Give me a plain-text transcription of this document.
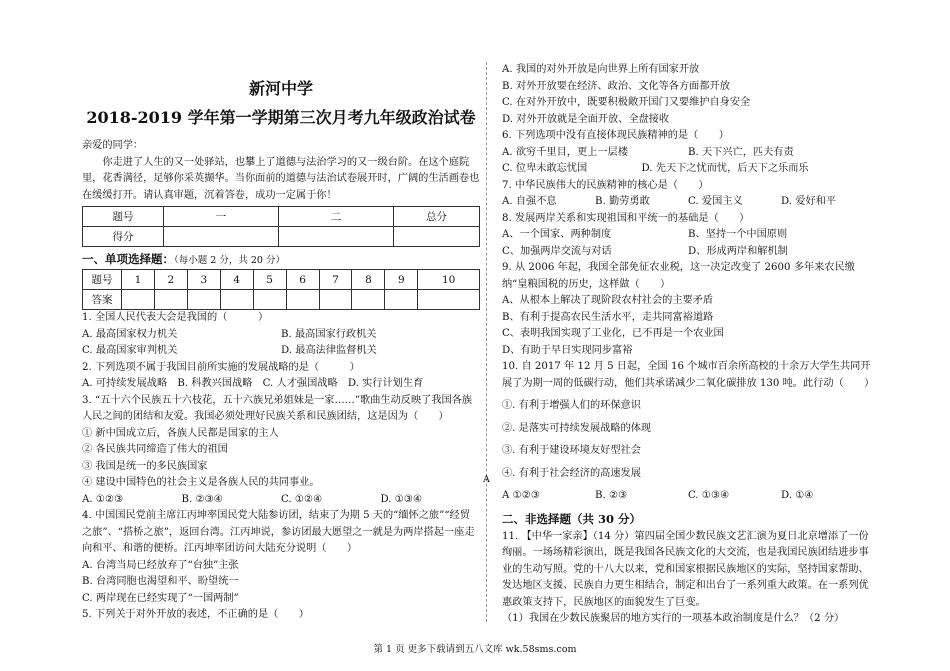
新河中学
2018-2019 学年第一学期第三次月考九年级政治试卷

亲爱的同学：

你走进了人生的又一处驿站，也攀上了道德与法治学习的又一级台阶。在这个庭院里，花香满径，足够你采英撷华。当你面前的道德与法治试卷展开时，广阔的生活画卷也在缓缓打开。请认真审题，沉着答卷，成功一定属于你！

题号	一	二	总分
得分			
一、单项选择题：（每小题 2 分，共 20 分）
题号	1	2	3	4	5	6	7	8	9	10
答案										

1. 全国人民代表大会是我国的（　　　）

A. 最高国家权力机关	B. 最高国家行政机关
C. 最高国家审判机关	D. 最高法律监督机关

2. 下列选项不属于我国目前所实施的发展战略的是（　　　）

A. 可持续发展战略　B. 科教兴国战略　C. 人才强国战略　D. 实行计划生育

3. “五十六个民族五十六枝花，五十六族兄弟姐妹是一家……”歌曲生动反映了我国各族人民之间的团结和友爱。我国必须处理好民族关系和民族团结，这是因为（　　）

① 新中国成立后，各族人民都是国家的主人

② 各民族共同缔造了伟大的祖国

③ 我国是统一的多民族国家

④ 建设中国特色的社会主义是各族人民的共同事业。

A. ①②③	B. ②③④	C. ①②④	D. ①③④

4. 中国国民党前主席江丙坤率国民党大陆参访团，结束了为期 5 天的“缅怀之旅”“经贸之旅”、“搭桥之旅”，返回台湾。江丙坤说，参访团最大愿望之一就是为两岸搭起一座走向和平、和谐的便桥。江丙坤率团访问大陆充分说明（　　）

A. 台湾当局已经放弃了“台独”主张

B. 台湾同胞也渴望和平、盼望统一

C. 两岸现在已经实现了“一国两制”

5. 下列关于对外开放的表述，不正确的是（　　）

A

A. 我国的对外开放是向世界上所有国家开放

B. 对外开放要在经济、政治、文化等各方面都开放

C. 在对外开放中，既要积极敞开国门又要维护自身安全

D. 对外开放就是全面开放、全盘接收

6. 下列选项中没有直接体现民族精神的是（　　）

A. 欲穷千里目，更上一层楼	B. 天下兴亡，匹夫有责
C. 位卑未敢忘忧国	D. 先天下之忧而忧，后天下之乐而乐

7. 中华民族伟大的民族精神的核心是（　　）

A. 自强不息	B. 勤劳勇敢	C. 爱国主义	D. 爱好和平

8. 发展两岸关系和实现祖国和平统一的基础是（　　）

A、一个国家、两种制度	B、坚持一个中国原则
C、加强两岸交流与对话	D、形成两岸和解机制

9. 从 2006 年起，我国全部免征农业税，这一决定改变了 2600 多年来农民缴纳“皇粮国税的历史，这样做（　　）

A、从根本上解决了现阶段农村社会的主要矛盾

B、有利于提高农民生活水平，走共同富裕道路

C、表明我国实现了工业化，已不再是一个农业国

D、有助于早日实现同步富裕

10. 自 2017 年 12 月 5 日起，全国 16 个城市百余所高校的十余万大学生共同开展了为期一周的低碳行动，他们共承诺减少二氧化碳排放 130 吨。此行动（　　）

①. 有利于增强人们的环保意识

②. 是落实可持续发展战略的体现

③. 有利于建设环境友好型社会

④. 有利于社会经济的高速发展

A ①②③	B. ②③	C. ①③④	D. ①④
二、非选择题（共 30 分）

11. 【中华一家亲】（14 分）第四届全国少数民族文艺汇演为夏日北京增添了一份绚丽。一场场精彩演出，既是我国各民族文化的大交流，也是我国民族团结进步事业的生动写照。党的十八大以来，党和国家根据民族地区的实际，坚持国家帮助、发达地区支援、民族自力更生相结合，制定和出台了一系列重大政策。在一系列优惠政策支持下，民族地区的面貌发生了巨变。

（1）我国在少数民族聚居的地方实行的一项基本政治制度是什么？（2 分）

第 1 页 更多下载请到五八文库 wk.58sms.com
